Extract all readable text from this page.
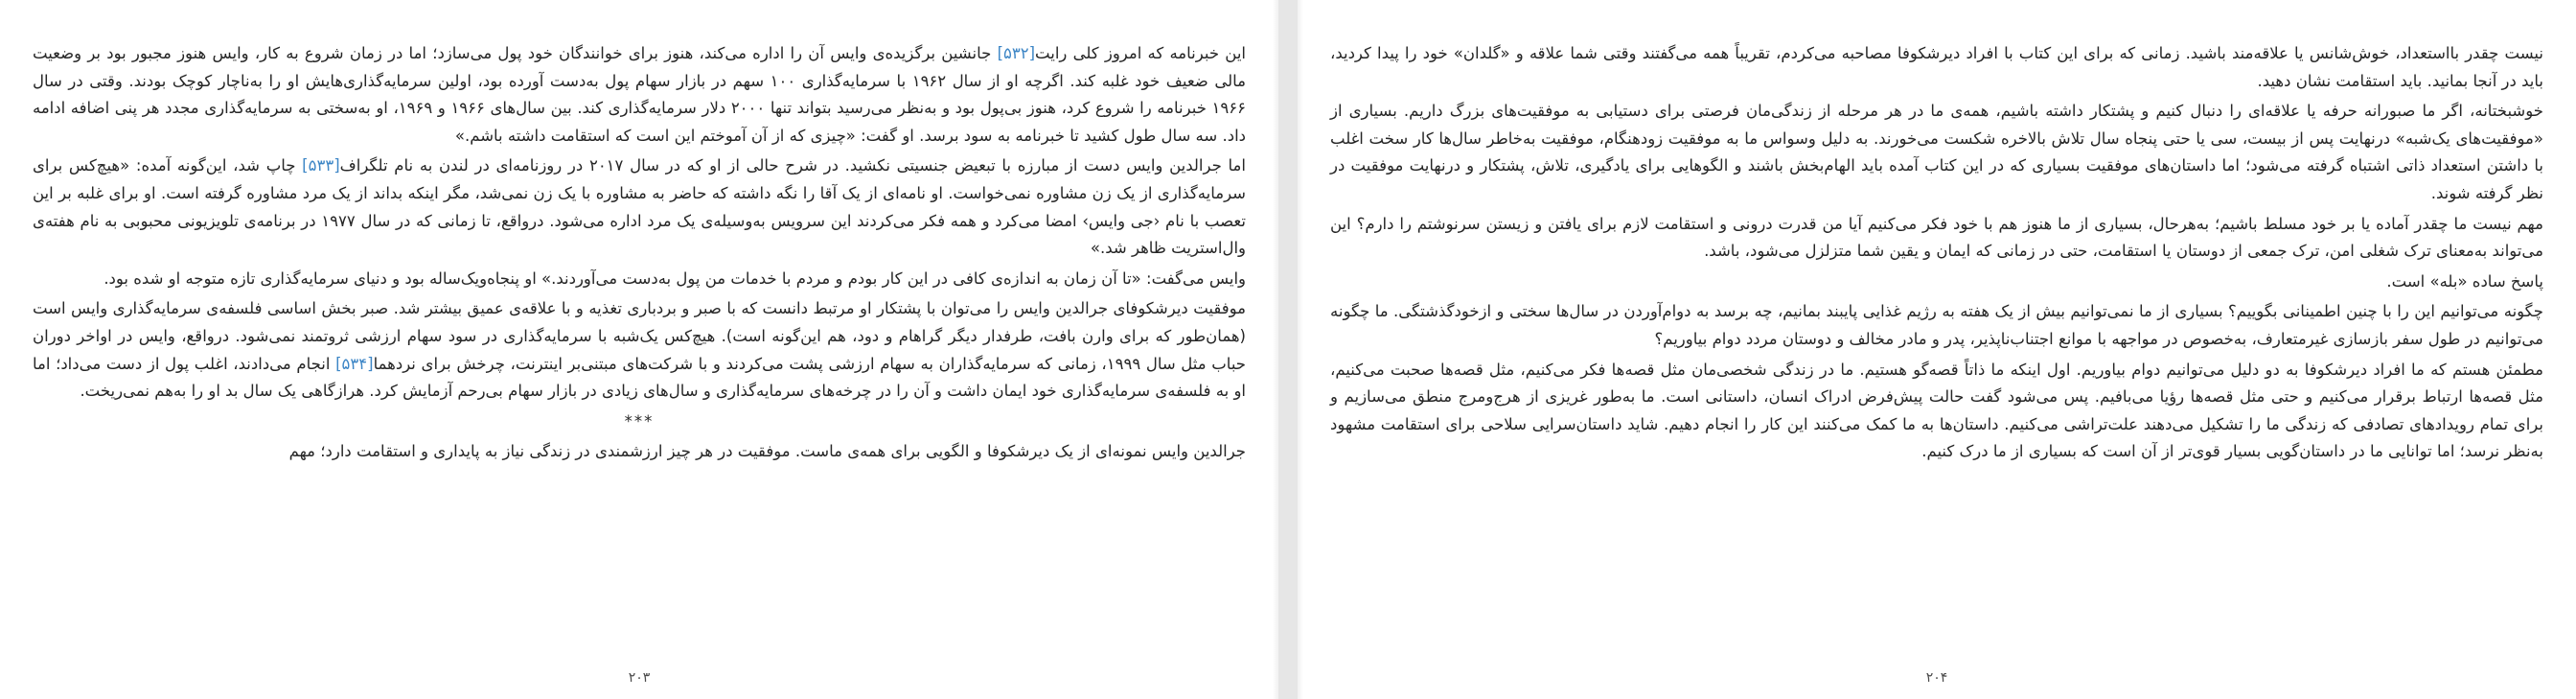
این خبرنامه که امروز کلی رایت[۵۳۲] جانشین برگزیده‌ی وایس آن را اداره می‌کند، هنوز برای خوانندگان خود پول می‌سازد؛ اما در زمان شروع به کار، وایس هنوز مجبور بود بر وضعیت مالی ضعیف خود غلبه کند. اگرچه او از سال ۱۹۶۲ با سرمایه‌گذاری ۱۰۰ سهم در بازار سهام پول به‌دست آورده بود، اولین سرمایه‌گذاری‌هایش او را به‌ناچار کوچک بودند. وقتی در سال ۱۹۶۶ خبرنامه را شروع کرد، هنوز بی‌پول بود و به‌نظر می‌رسید بتواند تنها ۲۰۰۰ دلار سرمایه‌گذاری کند. بین سال‌های ۱۹۶۶ و ۱۹۶۹، او به‌سختی به سرمایه‌گذاری مجدد هر پنی اضافه ادامه داد. سه سال طول کشید تا خبرنامه به سود برسد. او گفت: «چیزی که از آن آموختم این است که استقامت داشته باشم.»

اما جرالدین وایس دست از مبارزه با تبعیض جنسیتی نکشید. در شرح حالی از او که در سال ۲۰۱۷ در روزنامه‌ای در لندن به نام تلگراف[۵۳۳] چاپ شد، این‌گونه آمده: «هیچ‌کس برای سرمایه‌گذاری از یک زن مشاوره نمی‌خواست. او نامه‌ای از یک آقا را نگه داشته که حاضر به مشاوره با یک زن نمی‌شد، مگر اینکه بداند از یک مرد مشاوره گرفته است. او برای غلبه بر این تعصب با نام ‹جی وایس› امضا می‌کرد و همه فکر می‌کردند این سرویس به‌وسیله‌ی یک مرد اداره می‌شود. درواقع، تا زمانی که در سال ۱۹۷۷ در برنامه‌ی تلویزیونی محبوبی به نام هفته‌ی وال‌استریت ظاهر شد.»

وایس می‌گفت: «تا آن زمان به اندازه‌ی کافی در این کار بودم و مردم با خدمات من پول به‌دست می‌آوردند.» او پنجاه‌ویک‌ساله بود و دنیای سرمایه‌گذاری تازه متوجه او شده بود.

موفقیت دیرشکوفای جرالدین وایس را می‌توان با پشتکار او مرتبط دانست که با صبر و بردباری تغذیه و با علاقه‌ی عمیق بیشتر شد. صبر بخش اساسی فلسفه‌ی سرمایه‌گذاری وایس است (همان‌طور که برای وارن بافت، طرفدار دیگر گراهام و دود، هم این‌گونه است). هیچ‌کس یک‌شبه با سرمایه‌گذاری در سود سهام ارزشی ثروتمند نمی‌شود. درواقع، وایس در اواخر دوران حباب مثل سال ۱۹۹۹، زمانی که سرمایه‌گذاران به سهام ارزشی پشت می‌کردند و با شرکت‌های مبتنی‌بر اینترنت، چرخش برای نردهما[۵۳۴] انجام می‌دادند، اغلب پول از دست می‌داد؛ اما او به فلسفه‌ی سرمایه‌گذاری خود ایمان داشت و آن را در چرخه‌های سرمایه‌گذاری و سال‌های زیادی در بازار سهام بی‌رحم آزمایش کرد. هرازگاهی یک سال بد او را به‌هم نمی‌ریخت.

***

جرالدین وایس نمونه‌ای از یک دیرشکوفا و الگویی برای همه‌ی ماست. موفقیت در هر چیز ارزشمندی در زندگی نیاز به پایداری و استقامت دارد؛ مهم

۲۰۳

نیست چقدر بااستعداد، خوش‌شانس یا علاقه‌مند باشید. زمانی که برای این کتاب با افراد دیرشکوفا مصاحبه می‌کردم، تقریباً همه می‌گفتند وقتی شما علاقه و «گلدان» خود را پیدا کردید، باید در آنجا بمانید. باید استقامت نشان دهید.

خوشبختانه، اگر ما صبورانه حرفه یا علاقه‌ای را دنبال کنیم و پشتکار داشته باشیم، همه‌ی ما در هر مرحله از زندگی‌مان فرصتی برای دستیابی به موفقیت‌های بزرگ داریم. بسیاری از «موفقیت‌های یک‌شبه» درنهایت پس از بیست، سی یا حتی پنجاه سال تلاش بالاخره شکست می‌خورند. به دلیل وسواس ما به موفقیت زودهنگام، موفقیت به‌خاطر سال‌ها کار سخت اغلب با داشتن استعداد ذاتی اشتباه گرفته می‌شود؛ اما داستان‌های موفقیت بسیاری که در این کتاب آمده باید الهام‌بخش باشند و الگوهایی برای یادگیری، تلاش، پشتکار و درنهایت موفقیت در نظر گرفته شوند.

مهم نیست ما چقدر آماده یا بر خود مسلط باشیم؛ به‌هرحال، بسیاری از ما هنوز هم با خود فکر می‌کنیم آیا من قدرت درونی و استقامت لازم برای یافتن و زیستن سرنوشتم را دارم؟ این می‌تواند به‌معنای ترک شغلی امن، ترک جمعی از دوستان یا استقامت، حتی در زمانی که ایمان و یقین شما متزلزل می‌شود، باشد.

پاسخ ساده «بله» است.

چگونه می‌توانیم این را با چنین اطمینانی بگوییم؟ بسیاری از ما نمی‌توانیم بیش از یک هفته به رژیم غذایی پایبند بمانیم، چه برسد به دوام‌آوردن در سال‌ها سختی و ازخودگذشتگی. ما چگونه می‌توانیم در طول سفر بازسازی غیرمتعارف، به‌خصوص در مواجهه با موانع اجتناب‌ناپذیر، پدر و مادر مخالف و دوستان مردد دوام بیاوریم؟

مطمئن هستم که ما افراد دیرشکوفا به دو دلیل می‌توانیم دوام بیاوریم. اول اینکه ما ذاتاً قصه‌گو هستیم. ما در زندگی شخصی‌مان مثل قصه‌ها فکر می‌کنیم، مثل قصه‌ها صحبت می‌کنیم، مثل قصه‌ها ارتباط برقرار می‌کنیم و حتی مثل قصه‌ها رؤیا می‌بافیم. پس می‌شود گفت حالت پیش‌فرض ادراک انسان، داستانی است. ما به‌طور غریزی از هرج‌ومرج منطق می‌سازیم و برای تمام رویدادهای تصادفی که زندگی ما را تشکیل می‌دهند علت‌تراشی می‌کنیم. داستان‌ها به ما کمک می‌کنند این کار را انجام دهیم. شاید داستان‌سرایی سلاحی برای استقامت مشهود به‌نظر نرسد؛ اما توانایی ما در داستان‌گویی بسیار قوی‌تر از آن است که بسیاری از ما درک کنیم.

۲۰۴
